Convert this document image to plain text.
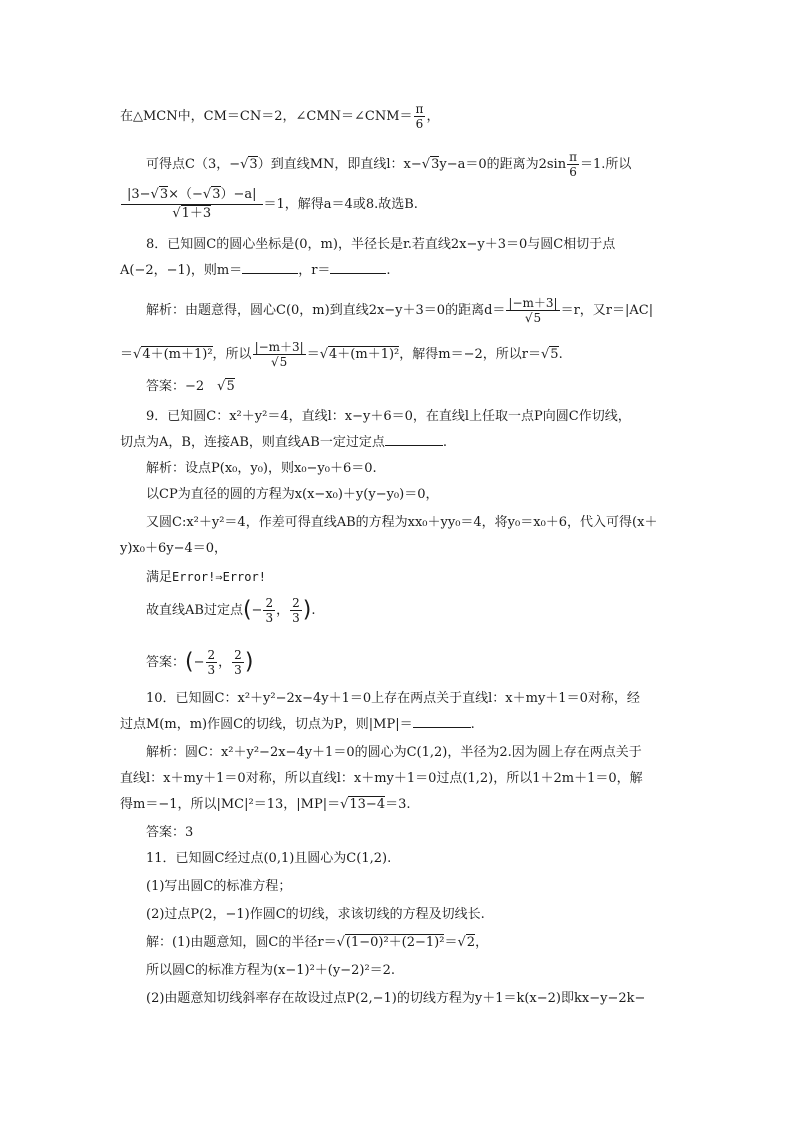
在△MCN中，CM＝CN＝2，∠CMN＝∠CNM＝ $\frac{\pi}{6}$ ，
可得点C（3，−√3）到直线MN，即直线l：x−√3y−a＝0的距离为$2\sin \frac{\pi}{6} =1$.所以
$\frac{|3-√3\times(-√3)-a|}{√1+3} =1$，解得a＝4或8.故选B.
8．已知圆C的圆心坐标是(0，m)，半径长是r.若直线2x−y＋3＝0与圆C相切于点
A(−2，−1)，则m＝	，r＝	.
解析：由题意得，圆心C(0，m)到直线2x−y＋3＝0的距离$d= \frac{|-m+3|}{√5} =r$，又r＝|AC|
＝√4＋(m＋1)²，所以 $\frac{|-m+3|}{√5} =√4+(m+1)^2$，解得m＝−2，所以r＝√5.
答案：−2　√5
9．已知圆C：x²＋y²＝4，直线l：x−y＋6＝0，在直线l上任取一点P向圆C作切线，
切点为A，B，连接AB，则直线AB一定过定点	.
解析：设点P(x₀，y₀)，则x₀−y₀＋6＝0.
以CP为直径的圆的方程为x(x−x₀)＋y(y−y₀)＝0，
又圆C:x²＋y²＝4，作差可得直线AB的方程为xx₀＋yy₀＝4，将y₀＝x₀＋6，代入可得(x＋
y)x₀＋6y−4＝0，
满足Error!⇒Error!
故直线AB过定点(− $\frac{2}{3}$ ， $\frac{2}{3}$ ).
答案：(− $\frac{2}{3}$ ， $\frac{2}{3}$ )
10．已知圆C：x²＋y²−2x−4y＋1＝0上存在两点关于直线l：x＋my＋1＝0对称，经
过点M(m，m)作圆C的切线，切点为P，则|MP|＝	.
解析：圆C：x²＋y²−2x−4y＋1＝0的圆心为C(1,2)，半径为2.因为圆上存在两点关于
直线l：x＋my＋1＝0对称，所以直线l：x＋my＋1＝0过点(1,2)，所以1＋2m＋1＝0，解
得m＝−1，所以|MC|²＝13，|MP|＝√13−4＝3.
答案：3
11．已知圆C经过点(0,1)且圆心为C(1,2).
(1)写出圆C的标准方程；
(2)过点P(2，−1)作圆C的切线，求该切线的方程及切线长.
解：(1)由题意知，圆C的半径r＝√(1−0)²＋(2−1)²＝√2，
所以圆C的标准方程为(x−1)²＋(y−2)²＝2.
(2)由题意知切线斜率存在故设过点P(2,−1)的切线方程为y＋1＝k(x−2)即kx−y−2k−
